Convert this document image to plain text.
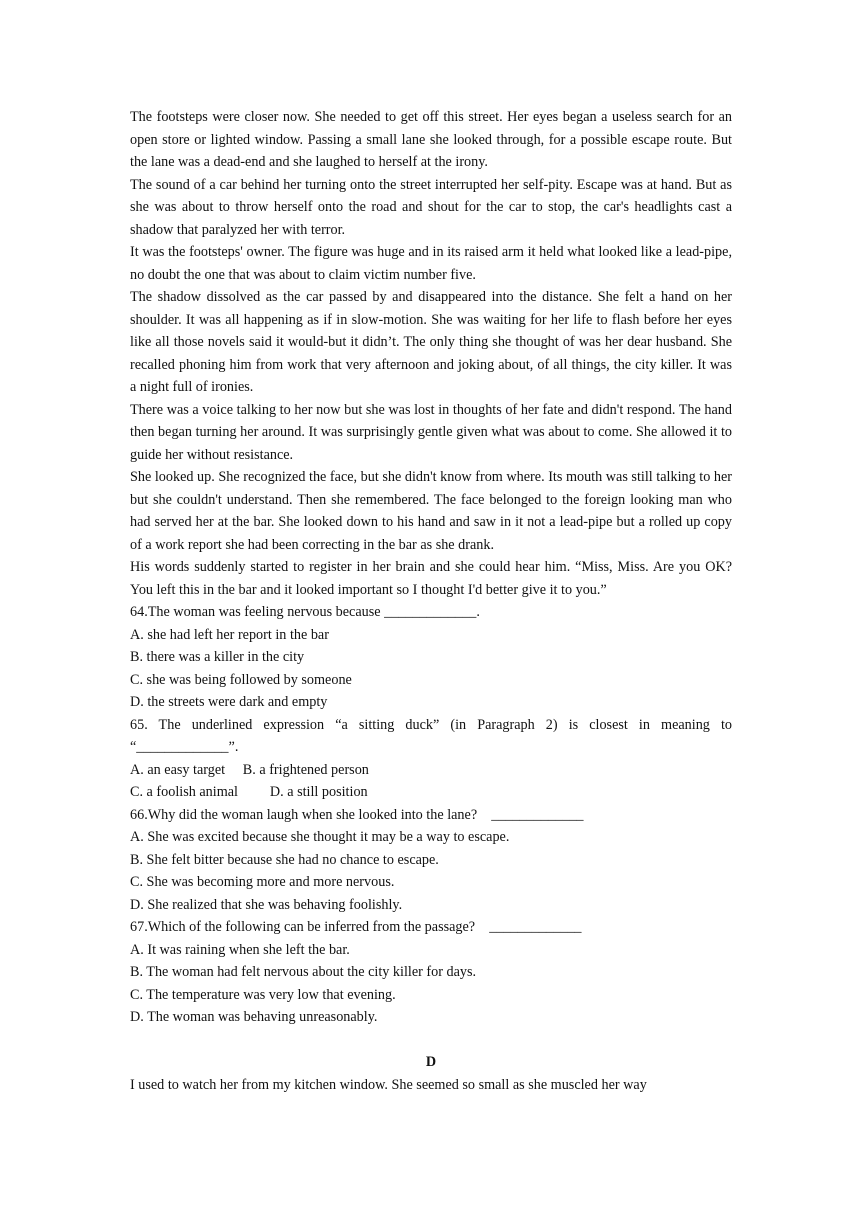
The footsteps were closer now. She needed to get off this street. Her eyes began a useless search for an open store or lighted window. Passing a small lane she looked through, for a possible escape route. But the lane was a dead-end and she laughed to herself at the irony.

The sound of a car behind her turning onto the street interrupted her self-pity. Escape was at hand. But as she was about to throw herself onto the road and shout for the car to stop, the car's headlights cast a shadow that paralyzed her with terror.

It was the footsteps' owner. The figure was huge and in its raised arm it held what looked like a lead-pipe, no doubt the one that was about to claim victim number five.

The shadow dissolved as the car passed by and disappeared into the distance. She felt a hand on her shoulder. It was all happening as if in slow-motion. She was waiting for her life to flash before her eyes like all those novels said it would-but it didn’t. The only thing she thought of was her dear husband. She recalled phoning him from work that very afternoon and joking about, of all things, the city killer. It was a night full of ironies.

There was a voice talking to her now but she was lost in thoughts of her fate and didn't respond. The hand then began turning her around. It was surprisingly gentle given what was about to come. She allowed it to guide her without resistance.

She looked up. She recognized the face, but she didn't know from where. Its mouth was still talking to her but she couldn't understand. Then she remembered. The face belonged to the foreign looking man who had served her at the bar. She looked down to his hand and saw in it not a lead-pipe but a rolled up copy of a work report she had been correcting in the bar as she drank.

His words suddenly started to register in her brain and she could hear him. “Miss, Miss. Are you OK? You left this in the bar and it looked important so I thought I'd better give it to you.”

64.The woman was feeling nervous because _____________.

A. she had left her report in the bar

B. there was a killer in the city

C. she was being followed by someone

D. the streets were dark and empty

65. The underlined expression “a sitting duck” (in Paragraph 2) is closest in meaning to “_____________”.

A. an easy target     B. a frightened person

C. a foolish animal         D. a still position

66.Why did the woman laugh when she looked into the lane?    _____________

A. She was excited because she thought it may be a way to escape.

B. She felt bitter because she had no chance to escape.

C. She was becoming more and more nervous.

D. She realized that she was behaving foolishly.

67.Which of the following can be inferred from the passage?    _____________

A. It was raining when she left the bar.

B. The woman had felt nervous about the city killer for days.

C. The temperature was very low that evening.

D. The woman was behaving unreasonably.

D

I used to watch her from my kitchen window. She seemed so small as she muscled her way
